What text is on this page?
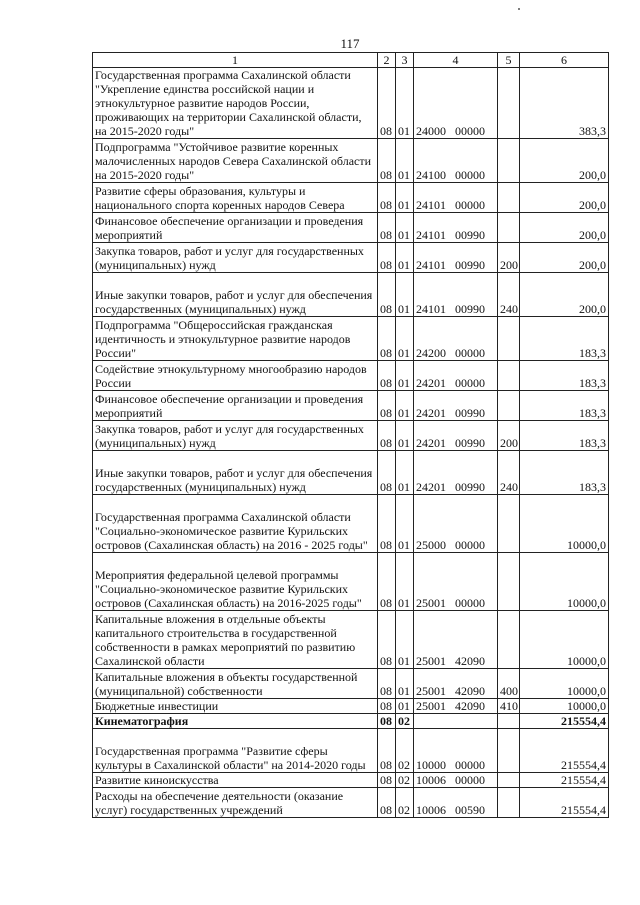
117
1	2	3	4	5	6
Государственная программа Сахалинской области "Укрепление единства российской нации и этнокультурное развитие народов России, проживающих на территории Сахалинской области, на 2015-2020 годы"	08	01	24000 00000		383,3
Подпрограмма "Устойчивое развитие коренных малочисленных народов Севера Сахалинской области на 2015-2020 годы"	08	01	24100 00000		200,0
Развитие сферы образования, культуры и национального спорта коренных народов Севера	08	01	24101 00000		200,0
Финансовое обеспечение организации и проведения мероприятий	08	01	24101 00990		200,0
Закупка товаров, работ и услуг для государственных (муниципальных) нужд	08	01	24101 00990	200	200,0
Иные закупки товаров, работ и услуг для обеспечения государственных (муниципальных) нужд	08	01	24101 00990	240	200,0
Подпрограмма "Общероссийская гражданская идентичность и этнокультурное развитие народов России"	08	01	24200 00000		183,3
Содействие этнокультурному многообразию народов России	08	01	24201 00000		183,3
Финансовое обеспечение организации и проведения мероприятий	08	01	24201 00990		183,3
Закупка товаров, работ и услуг для государственных (муниципальных) нужд	08	01	24201 00990	200	183,3
Иные закупки товаров, работ и услуг для обеспечения государственных (муниципальных) нужд	08	01	24201 00990	240	183,3
Государственная программа Сахалинской области "Социально-экономическое развитие Курильских островов (Сахалинская область) на 2016 - 2025 годы"	08	01	25000 00000		10000,0
Мероприятия федеральной целевой программы "Социально-экономическое развитие Курильских островов (Сахалинская область) на 2016-2025 годы"	08	01	25001 00000		10000,0
Капитальные вложения в отдельные объекты капитального строительства в государственной собственности в рамках мероприятий по развитию Сахалинской области	08	01	25001 42090		10000,0
Капитальные вложения в объекты государственной (муниципальной) собственности	08	01	25001 42090	400	10000,0
Бюджетные инвестиции	08	01	25001 42090	410	10000,0
Кинематография	08	02			215554,4
Государственная программа "Развитие сферы культуры в Сахалинской области" на 2014-2020 годы	08	02	10000 00000		215554,4
Развитие киноискусства	08	02	10006 00000		215554,4
Расходы на обеспечение деятельности (оказание услуг) государственных учреждений	08	02	10006 00590		215554,4
